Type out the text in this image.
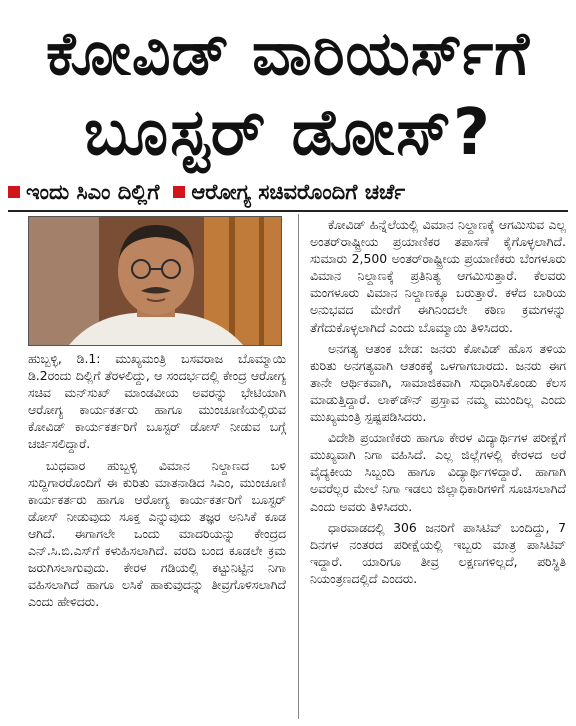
ಕೋವಿಡ್ ವಾರಿಯರ್ಸ್‌ಗೆ
ಬೂಸ್ಟರ್ ಡೋಸ್?
ಇಂದು ಸಿಎಂ ದಿಲ್ಲಿಗೆ ಆರೋಗ್ಯ ಸಚಿವರೊಂದಿಗೆ ಚರ್ಚೆ

ಹುಬ್ಬಳ್ಳಿ, ಡಿ.1: ಮುಖ್ಯಮಂತ್ರಿ ಬಸವರಾಜ ಬೊಮ್ಮಾಯಿ ಡಿ.2ರಂದು ದಿಲ್ಲಿಗೆ ತೆರಳಲಿದ್ದು, ಆ ಸಂದರ್ಭದಲ್ಲಿ ಕೇಂದ್ರ ಆರೋಗ್ಯ ಸಚಿವ ಮನ್‌ಸುಖ್ ಮಾಂಡವೀಯ ಅವರನ್ನು ಭೇಟಿಯಾಗಿ ಆರೋಗ್ಯ ಕಾರ್ಯಕರ್ತರು ಹಾಗೂ ಮುಂಚೂಣಿಯಲ್ಲಿರುವ ಕೋವಿಡ್ ಕಾರ್ಯಕರ್ತರಿಗೆ ಬೂಸ್ಟರ್ ಡೋಸ್ ನೀಡುವ ಬಗ್ಗೆ ಚರ್ಚಿಸಲಿದ್ದಾರೆ.

ಬುಧವಾರ ಹುಬ್ಬಳ್ಳಿ ವಿಮಾನ ನಿಲ್ದಾಣದ ಬಳಿ ಸುದ್ದಿಗಾರರೊಂದಿಗೆ ಈ ಕುರಿತು ಮಾತನಾಡಿದ ಸಿಎಂ, ಮುಂಚೂಣಿ ಕಾರ್ಯಕರ್ತರು ಹಾಗೂ ಆರೋಗ್ಯ ಕಾರ್ಯಕರ್ತರಿಗೆ ಬೂಸ್ಟರ್ ಡೋಸ್ ನೀಡುವುದು ಸೂಕ್ತ ಎನ್ನುವುದು ತಜ್ಞರ ಅನಿಸಿಕೆ ಕೂಡ ಆಗಿದೆ. ಈಗಾಗಲೇ ಒಂದು ಮಾದರಿಯನ್ನು ಕೇಂದ್ರದ ಎನ್.ಸಿ.ಬಿ.ಎಸ್‌ಗೆ ಕಳುಹಿಸಲಾಗಿದೆ. ವರದಿ ಬಂದ ಕೂಡಲೇ ಕ್ರಮ ಜರುಗಿಸಲಾಗುವುದು. ಕೇರಳ ಗಡಿಯಲ್ಲಿ ಕಟ್ಟುನಿಟ್ಟಿನ ನಿಗಾ ವಹಿಸಲಾಗಿದೆ ಹಾಗೂ ಲಸಿಕೆ ಹಾಕುವುದನ್ನು ತೀವ್ರಗೊಳಿಸಲಾಗಿದೆ ಎಂದು ಹೇಳಿದರು.

ಕೋವಿಡ್ ಹಿನ್ನೆಲೆಯಲ್ಲಿ ವಿಮಾನ ನಿಲ್ದಾಣಕ್ಕೆ ಆಗಮಿಸುವ ಎಲ್ಲ ಅಂತರ್‌ರಾಷ್ಟ್ರೀಯ ಪ್ರಯಾಣಿಕರ ತಪಾಸಣೆ ಕೈಗೊಳ್ಳಲಾಗಿದೆ. ಸುಮಾರು 2,500 ಅಂತರ್‌ರಾಷ್ಟ್ರೀಯ ಪ್ರಯಾಣಿಕರು ಬೆಂಗಳೂರು ವಿಮಾನ ನಿಲ್ದಾಣಕ್ಕೆ ಪ್ರತಿನಿತ್ಯ ಆಗಮಿಸುತ್ತಾರೆ. ಕೆಲವರು ಮಂಗಳೂರು ವಿಮಾನ ನಿಲ್ದಾಣಕ್ಕೂ ಬರುತ್ತಾರೆ. ಕಳೆದ ಬಾರಿಯ ಅನುಭವದ ಮೇರೆಗೆ ಈಗಿನಿಂದಲೇ ಕಠಿಣ ಕ್ರಮಗಳನ್ನು ತೆಗೆದುಕೊಳ್ಳಲಾಗಿದೆ ಎಂದು ಬೊಮ್ಮಾಯಿ ತಿಳಿಸಿದರು.

ಅನಗತ್ಯ ಆತಂಕ ಬೇಡ: ಜನರು ಕೋವಿಡ್ ಹೊಸ ತಳಿಯ ಕುರಿತು ಅನಗತ್ಯವಾಗಿ ಆತಂಕಕ್ಕೆ ಒಳಗಾಗಬಾರದು. ಜನರು ಈಗ ತಾನೇ ಆರ್ಥಿಕವಾಗಿ, ಸಾಮಾಜಿಕವಾಗಿ ಸುಧಾರಿಸಿಕೊಂಡು ಕೆಲಸ ಮಾಡುತ್ತಿದ್ದಾರೆ. ಲಾಕ್‌ಡೌನ್ ಪ್ರಸ್ತಾವ ನಮ್ಮ ಮುಂದಿಲ್ಲ ಎಂದು ಮುಖ್ಯಮಂತ್ರಿ ಸ್ಪಷ್ಟಪಡಿಸಿದರು.

ವಿದೇಶಿ ಪ್ರಯಾಣಿಕರು ಹಾಗೂ ಕೇರಳ ವಿದ್ಯಾರ್ಥಿಗಳ ಪರೀಕ್ಷೆಗೆ ಮುಖ್ಯವಾಗಿ ನಿಗಾ ವಹಿಸಿದೆ. ಎಲ್ಲ ಜಿಲ್ಲೆಗಳಲ್ಲಿ ಕೇರಳದ ಅರೆ ವೈದ್ಯಕೀಯ ಸಿಬ್ಬಂದಿ ಹಾಗೂ ವಿದ್ಯಾರ್ಥಿಗಳಿದ್ದಾರೆ. ಹಾಗಾಗಿ ಅವರೆಲ್ಲರ ಮೇಲೆ ನಿಗಾ ಇಡಲು ಜಿಲ್ಲಾಧಿಕಾರಿಗಳಿಗೆ ಸೂಚಿಸಲಾಗಿದೆ ಎಂದು ಅವರು ತಿಳಿಸಿದರು.

ಧಾರವಾಡದಲ್ಲಿ 306 ಜನರಿಗೆ ಪಾಸಿಟಿವ್ ಬಂದಿದ್ದು, 7 ದಿನಗಳ ನಂತರದ ಪರೀಕ್ಷೆಯಲ್ಲಿ ಇಬ್ಬರು ಮಾತ್ರ ಪಾಸಿಟಿವ್ ಇದ್ದಾರೆ. ಯಾರಿಗೂ ತೀವ್ರ ಲಕ್ಷಣಗಳಿಲ್ಲದೆ, ಪರಿಸ್ಥಿತಿ ನಿಯಂತ್ರಣದಲ್ಲಿದೆ ಎಂದರು.
